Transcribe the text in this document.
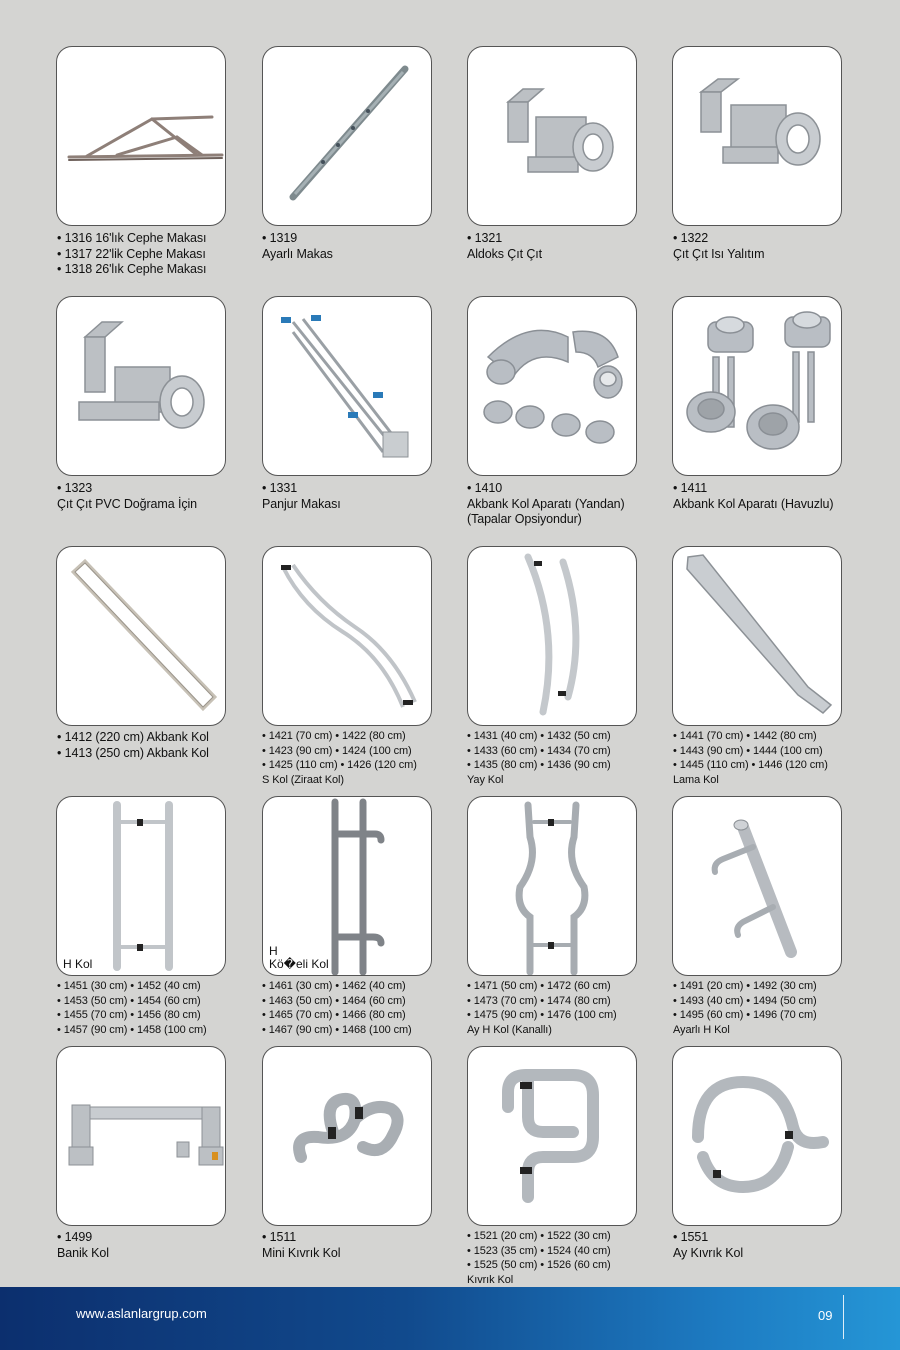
H Kol
H
Kö�eli Kol
• 1316 16'lık Cephe Makası
• 1317 22'lik Cephe Makası
• 1318 26'lık Cephe Makası
• 1319
Ayarlı Makas
• 1321
Aldoks Çıt Çıt
• 1322
Çıt Çıt Isı Yalıtım
• 1323
Çıt Çıt PVC Doğrama İçin
• 1331
Panjur Makası
• 1410
Akbank Kol Aparatı (Yandan)
(Tapalar Opsiyondur)
• 1411
Akbank Kol Aparatı (Havuzlu)
• 1412 (220 cm) Akbank Kol
• 1413 (250 cm) Akbank Kol
• 1421 (70 cm) • 1422 (80 cm)
• 1423 (90 cm) • 1424 (100 cm)
• 1425 (110 cm) • 1426 (120 cm)
S Kol (Ziraat Kol)
• 1431 (40 cm) • 1432 (50 cm)
• 1433 (60 cm) • 1434 (70 cm)
• 1435 (80 cm) • 1436 (90 cm)
Yay Kol
• 1441 (70 cm) • 1442 (80 cm)
• 1443 (90 cm) • 1444 (100 cm)
• 1445 (110 cm) • 1446 (120 cm)
Lama Kol
• 1451 (30 cm) • 1452 (40 cm)
• 1453 (50 cm) • 1454 (60 cm)
• 1455 (70 cm) • 1456 (80 cm)
• 1457 (90 cm) • 1458 (100 cm)
• 1461 (30 cm) • 1462 (40 cm)
• 1463 (50 cm) • 1464 (60 cm)
• 1465 (70 cm) • 1466 (80 cm)
• 1467 (90 cm) • 1468 (100 cm)
• 1471 (50 cm) • 1472 (60 cm)
• 1473 (70 cm) • 1474 (80 cm)
• 1475 (90 cm) • 1476 (100 cm)
Ay H Kol (Kanallı)
• 1491 (20 cm) • 1492 (30 cm)
• 1493 (40 cm) • 1494 (50 cm)
• 1495 (60 cm) • 1496 (70 cm)
Ayarlı H Kol
• 1499
Banik Kol
• 1511
Mini Kıvrık Kol
• 1521 (20 cm) • 1522 (30 cm)
• 1523 (35 cm) • 1524 (40 cm)
• 1525 (50 cm) • 1526 (60 cm)
Kıvrık Kol
• 1551
Ay Kıvrık Kol
www.aslanlargrup.com	09
